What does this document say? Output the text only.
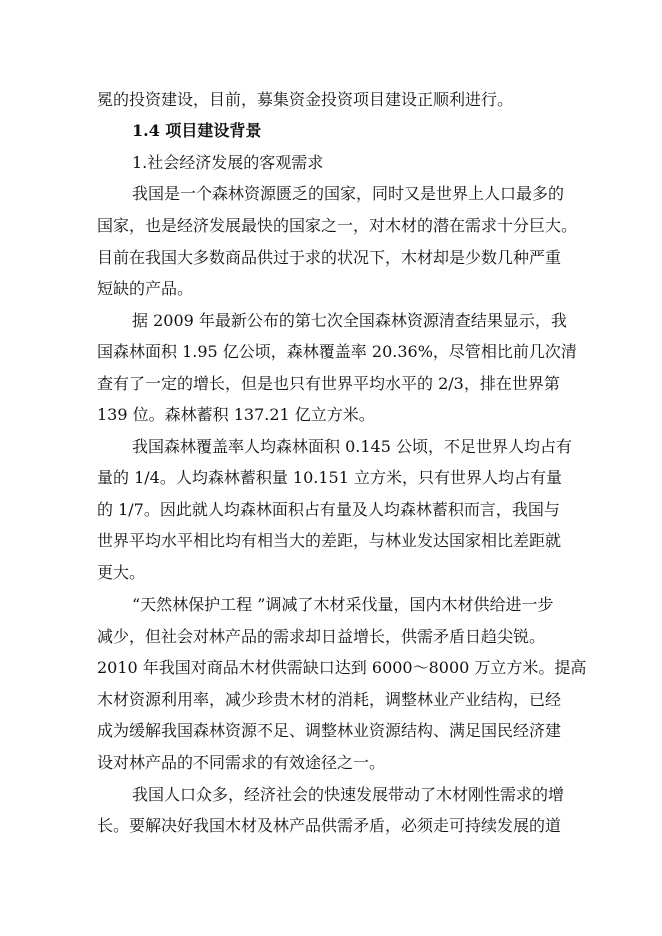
冕的投资建设，目前，募集资金投资项目建设正顺利进行。
1.4 项目建设背景
1.社会经济发展的客观需求
我国是一个森林资源匮乏的国家，同时又是世界上人口最多的
国家，也是经济发展最快的国家之一，对木材的潜在需求十分巨大。
目前在我国大多数商品供过于求的状况下，木材却是少数几种严重
短缺的产品。
据 2009 年最新公布的第七次全国森林资源清查结果显示，我
国森林面积 1.95 亿公顷，森林覆盖率 20.36%，尽管相比前几次清
查有了一定的增长，但是也只有世界平均水平的 2/3，排在世界第
139 位。森林蓄积 137.21 亿立方米。
我国森林覆盖率人均森林面积 0.145 公顷，不足世界人均占有
量的 1/4。人均森林蓄积量 10.151 立方米，只有世界人均占有量
的 1/7。因此就人均森林面积占有量及人均森林蓄积而言，我国与
世界平均水平相比均有相当大的差距，与林业发达国家相比差距就
更大。
“天然林保护工程 ”调减了木材采伐量，国内木材供给进一步
减少，但社会对林产品的需求却日益增长，供需矛盾日趋尖锐。
2010 年我国对商品木材供需缺口达到 6000～8000 万立方米。提高
木材资源利用率，减少珍贵木材的消耗，调整林业产业结构，已经
成为缓解我国森林资源不足、调整林业资源结构、满足国民经济建
设对林产品的不同需求的有效途径之一。
我国人口众多，经济社会的快速发展带动了木材刚性需求的增
长。要解决好我国木材及林产品供需矛盾，必须走可持续发展的道
